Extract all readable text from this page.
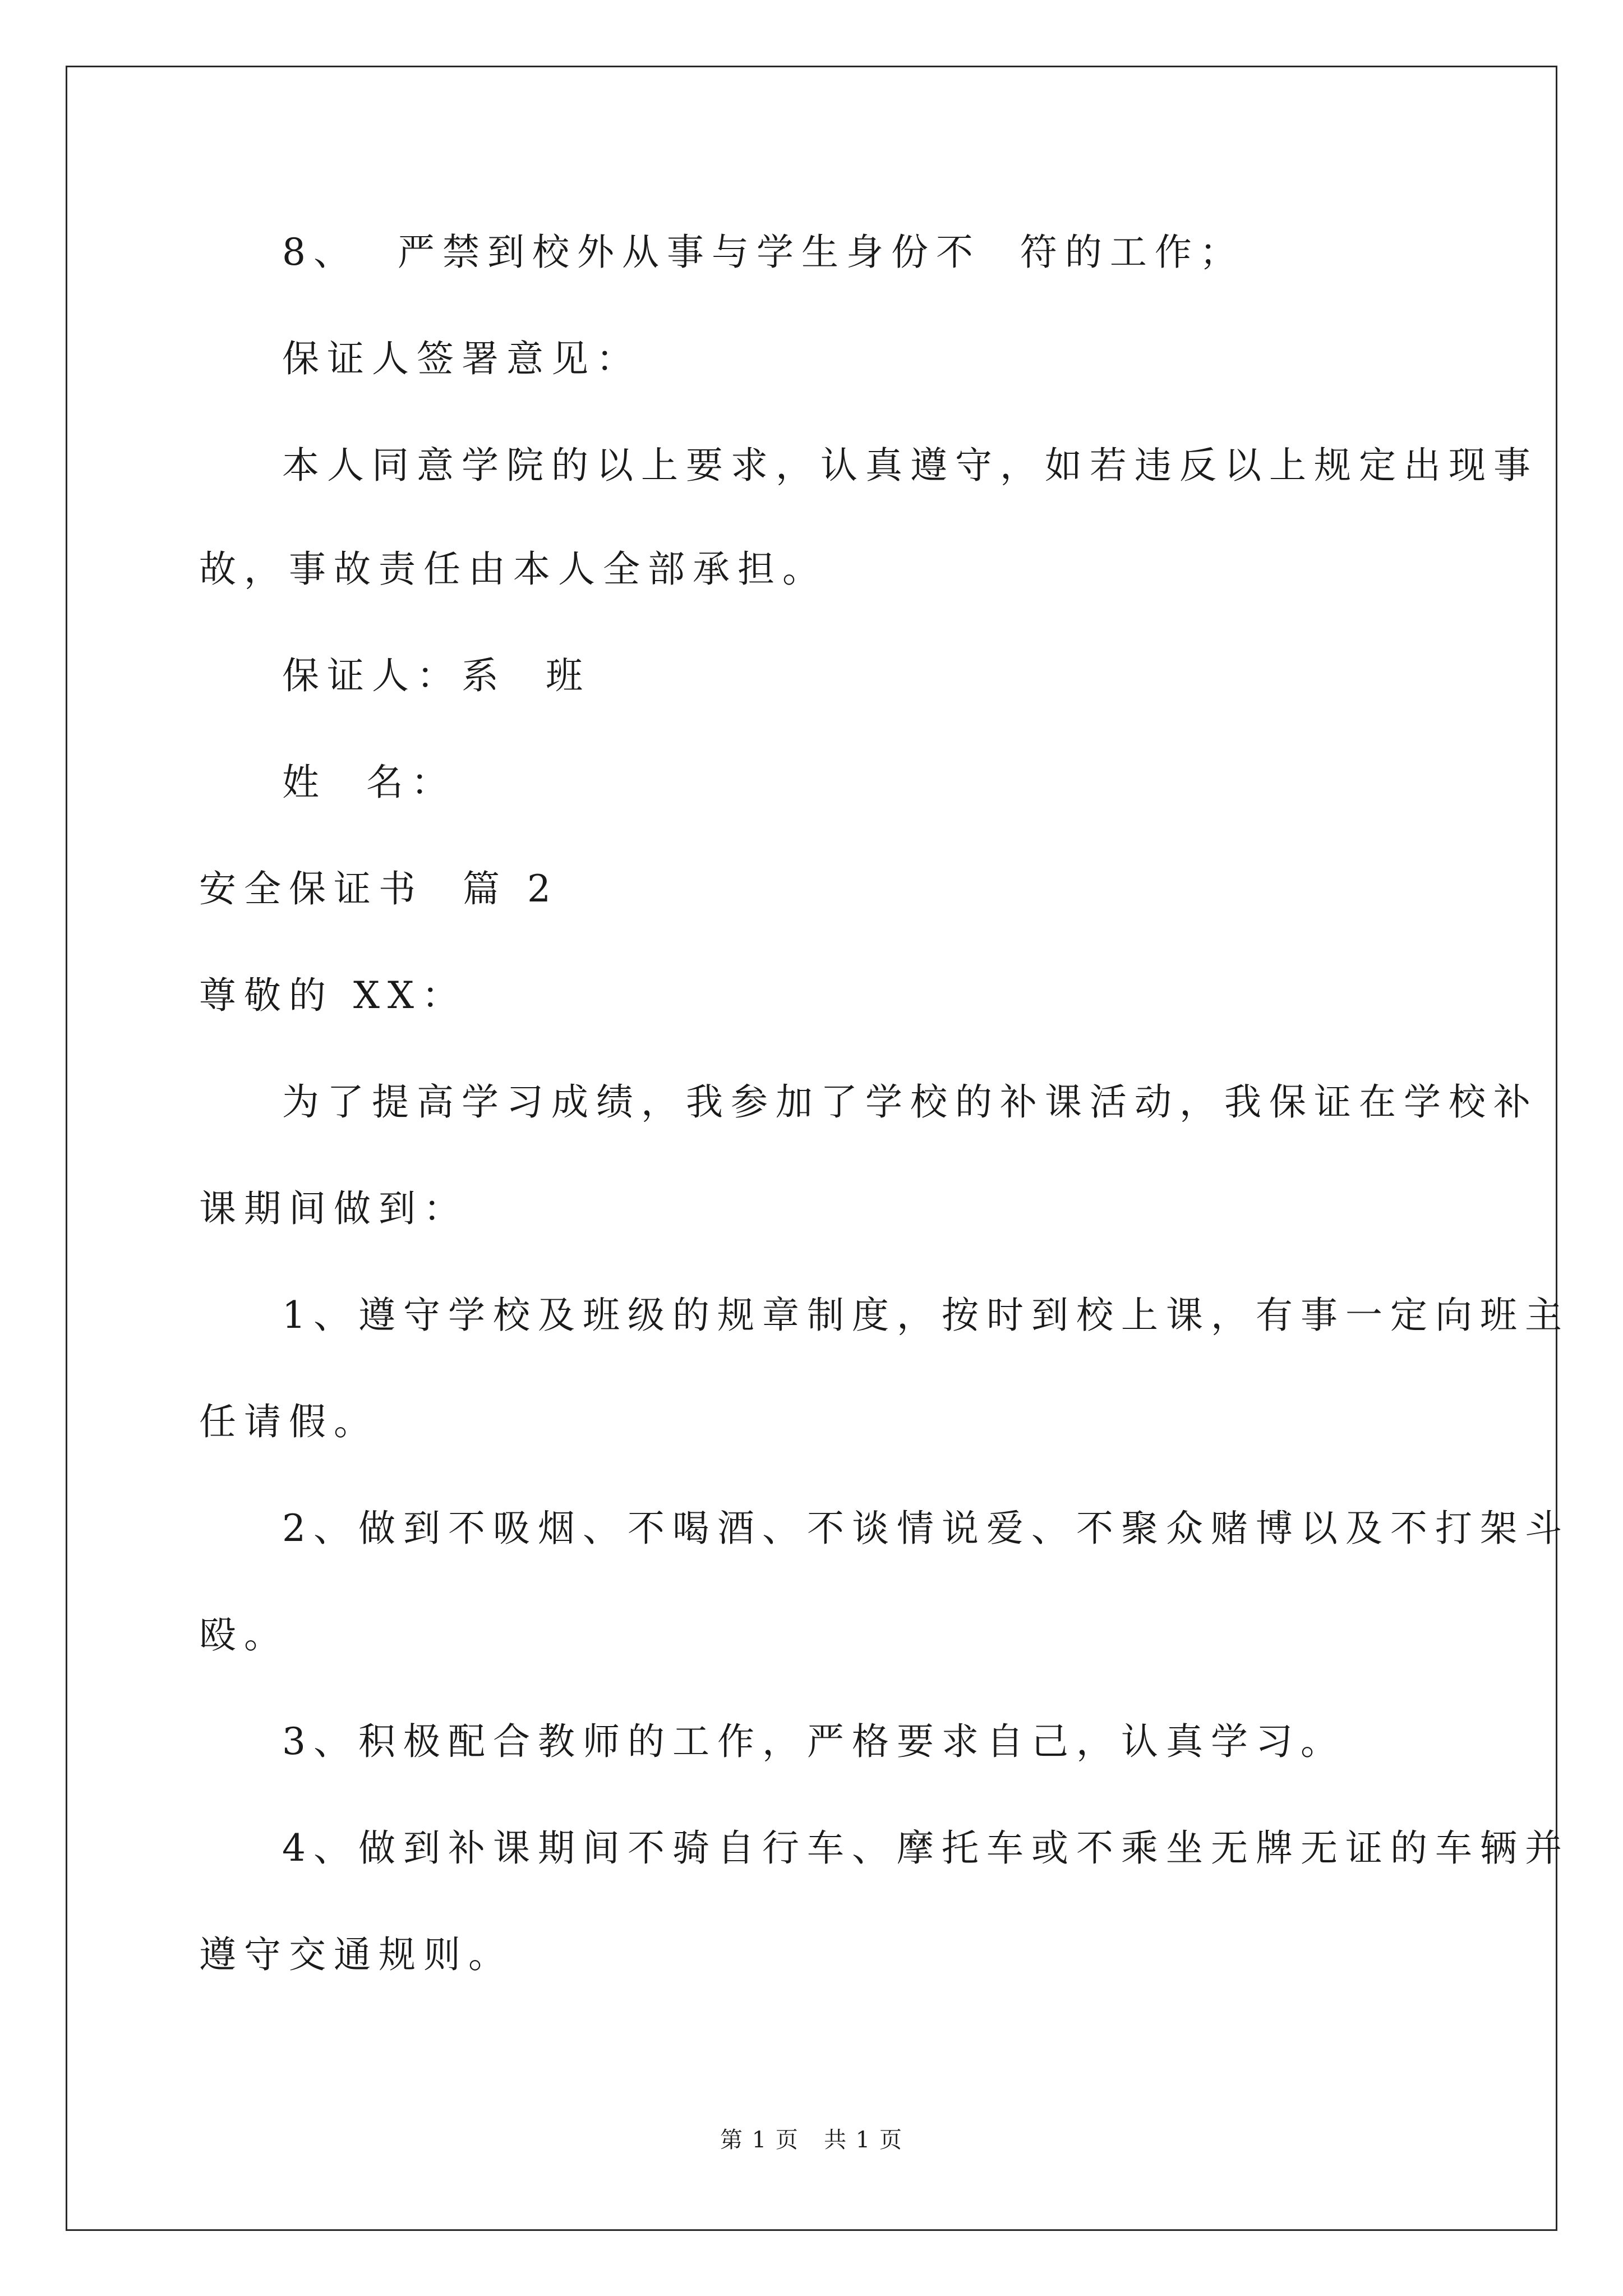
8、  严禁到校外从事与学生身份不  符的工作；
保证人签署意见：
本人同意学院的以上要求，认真遵守，如若违反以上规定出现事
故，事故责任由本人全部承担。
保证人：系  班
姓  名：
安全保证书  篇 2
尊敬的 XX：
为了提高学习成绩，我参加了学校的补课活动，我保证在学校补
课期间做到：
1、遵守学校及班级的规章制度，按时到校上课，有事一定向班主
任请假。
2、做到不吸烟、不喝酒、不谈情说爱、不聚众赌博以及不打架斗
殴。
3、积极配合教师的工作，严格要求自己，认真学习。
4、做到补课期间不骑自行车、摩托车或不乘坐无牌无证的车辆并
遵守交通规则。
第 1 页   共 1 页
